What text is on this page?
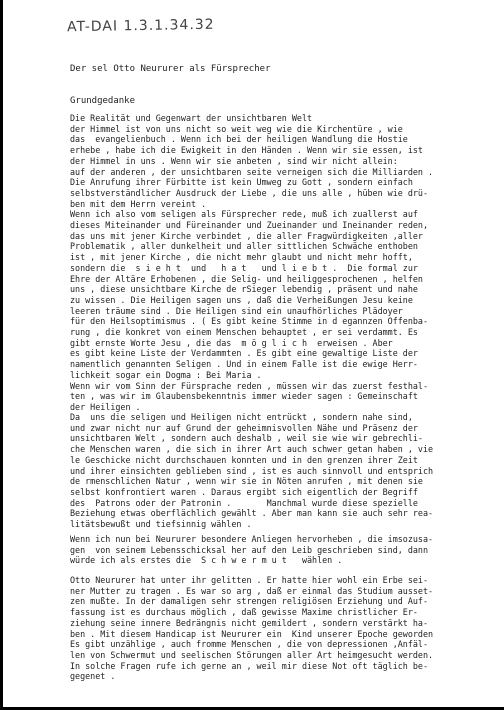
AT-DAI 1.3.1.34.32
Der sel Otto Neururer als Fürsprecher
Grundgedanke
Die Realität und Gegenwart der unsichtbaren Welt
der Himmel ist von uns nicht so weit weg wie die Kirchentüre , wie
das  evangelienbuch . Wenn ich bei der heiligen Wandlung die Hostie
erhebe , habe ich die Ewigkeit in den Händen . Wenn wir sie essen, ist
der Himmel in uns . Wenn wir sie anbeten , sind wir nicht allein:
auf der anderen , der unsichtbaren seite verneigen sich die Milliarden .
Die Anrufung ihrer Fürbitte ist kein Umweg zu Gott , sondern einfach
selbstverständlicher Ausdruck der Liebe , die uns alle , hüben wie drü-
ben mit dem Herrn vereint .
Wenn ich also vom seligen als Fürsprecher rede, muß ich zuallerst auf
dieses Miteinander und Füreinander und Zueinander und Ineinander reden,
das uns mit jener Kirche verbindet , die aller Fragwürdigkeiten ,aller
Problematik , aller dunkelheit und aller sittlichen Schwäche enthoben
ist , mit jener Kirche , die nicht mehr glaubt und nicht mehr hofft,
sondern die  s i e h t  und   h a t   und l i e b t .  Die formal zur
Ehre der Altäre Erhobenen , die Selig- und heiliggesprochenen , helfen
uns , diese unsichtbare Kirche de rSieger lebendig , präsent und nahe
zu wissen . Die Heiligen sagen uns , daß die Verheißungen Jesu keine
leeren träume sind . Die Heiligen sind ein unaufhörliches Plädoyer
für den Heilsoptimismus . ( Es gibt keine Stimme in d egannzen Offenba-
rung , die konkret von einem Menschen behauptet , er sei verdammt. Es
gibt ernste Worte Jesu , die das  m ö g l i c h  erweisen . Aber
es gibt keine Liste der Verdammten . Es gibt eine gewaltige Liste der
namentlich genannten Seligen . Und in einem Falle ist die ewige Herr-
lichkeit sogar ein Dogma : Bei Maria .
Wenn wir vom Sinn der Fürsprache reden , müssen wir das zuerst festhal-
ten , was wir im Glaubensbekenntnis immer wieder sagen : Gemeinschaft
der Heiligen .
Da  uns die seligen und Heiligen nicht entrückt , sondern nahe sind,
und zwar nicht nur auf Grund der geheimnisvollen Nähe und Präsenz der
unsichtbaren Welt , sondern auch deshalb , weil sie wie wir gebrechli-
che Menschen waren , die sich in ihrer Art auch schwer getan haben , vie
le Geschicke nicht durchschauen konnten und in den grenzen ihrer Zeit
und ihrer einsichten geblieben sind , ist es auch sinnvoll und entsprich
de rmenschlichen Natur , wenn wir sie in Nöten anrufen , mit denen sie
selbst konfrontiert waren . Daraus ergibt sich eigentlich der Begriff
des  Patrons oder der Patronin .       Manchmal wurde diese spezielle
Beziehung etwas oberflächlich gewählt . Aber man kann sie auch sehr rea-
litätsbewußt und tiefsinnig wählen .
Wenn ich nun bei Neururer besondere Anliegen hervorheben , die imsozusa-
gen  von seinem Lebensschicksal her auf den Leib geschrieben sind, dann
würde ich als erstes die  S c h w e r m u t   wählen .
Otto Neururer hat unter ihr gelitten . Er hatte hier wohl ein Erbe sei-
ner Mutter zu tragen . Es war so arg , daß er einmal das Studium ausset-
zen mußte. In der damaligen sehr strengen religiösen Erziehung und Auf-
fassung ist es durchaus möglich , daß gewisse Maxime christlicher Er-
ziehung seine innere Bedrängnis nicht gemildert , sondern verstärkt ha-
ben . Mit diesem Handicap ist Neururer ein  Kind unserer Epoche geworden
Es gibt unzählige , auch fromme Menschen , die von depressionen ,Anfäl-
len von Schwermut und seelischen Störungen aller Art heimgesucht werden.
In solche Fragen rufe ich gerne an , weil mir diese Not oft täglich be-
gegenet .
